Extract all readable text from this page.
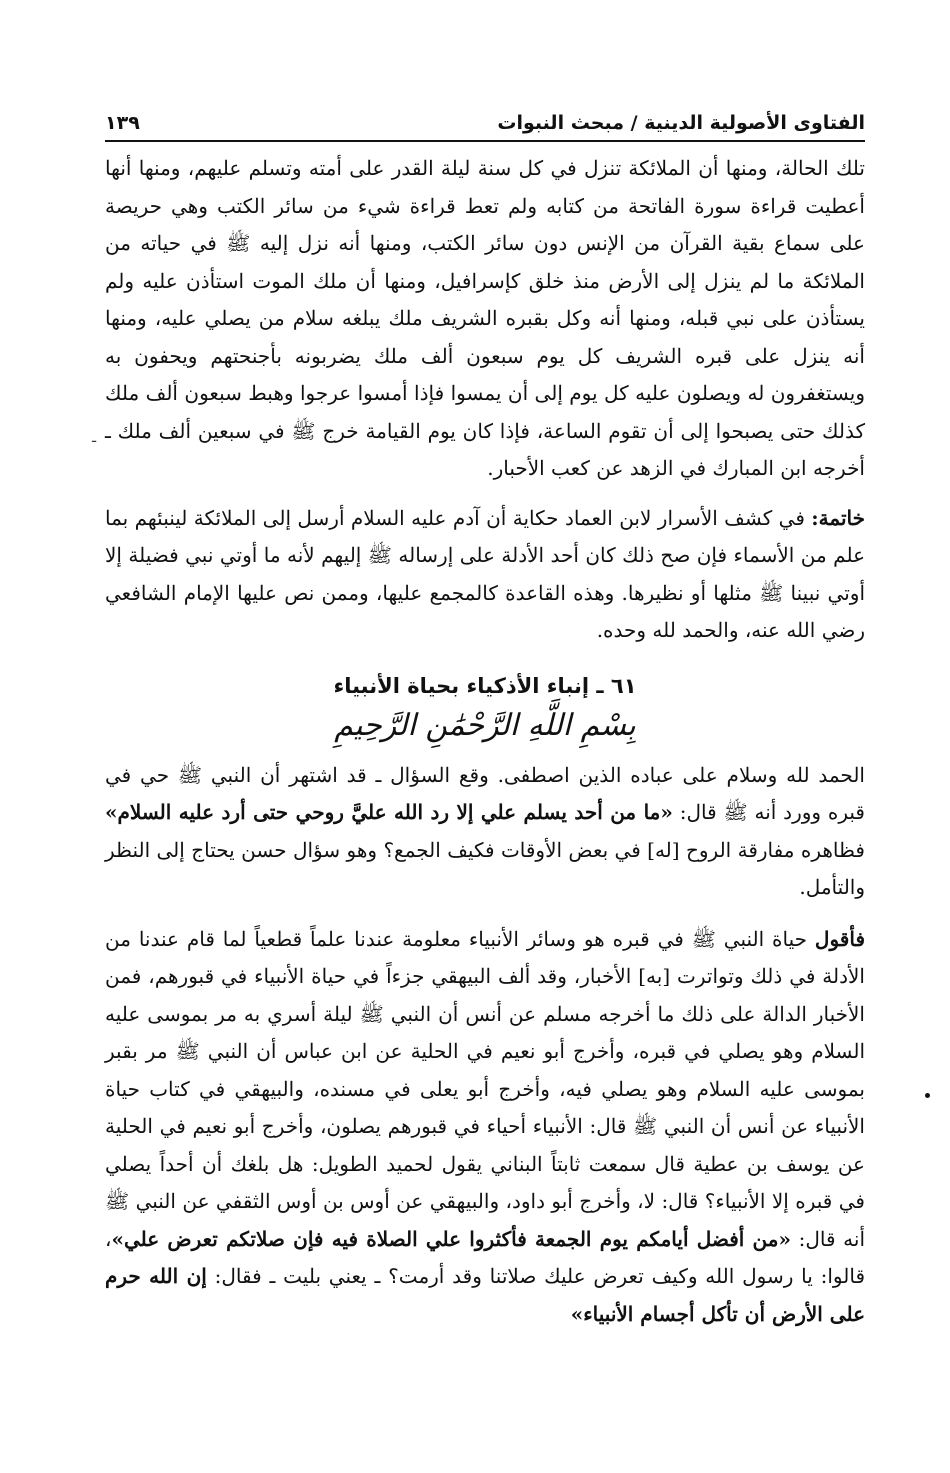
الفتاوى الأصولية الدينية / مبحث النبوات
١٣٩

تلك الحالة، ومنها أن الملائكة تنزل في كل سنة ليلة القدر على أمته وتسلم عليهم، ومنها أنها أعطيت قراءة سورة الفاتحة من كتابه ولم تعط قراءة شيء من سائر الكتب وهي حريصة على سماع بقية القرآن من الإنس دون سائر الكتب، ومنها أنه نزل إليه ﷺ في حياته من الملائكة ما لم ينزل إلى الأرض منذ خلق كإسرافيل، ومنها أن ملك الموت استأذن عليه ولم يستأذن على نبي قبله، ومنها أنه وكل بقبره الشريف ملك يبلغه سلام من يصلي عليه، ومنها أنه ينزل على قبره الشريف كل يوم سبعون ألف ملك يضربونه بأجنحتهم ويحفون به ويستغفرون له ويصلون عليه كل يوم إلى أن يمسوا فإذا أمسوا عرجوا وهبط سبعون ألف ملك كذلك حتى يصبحوا إلى أن تقوم الساعة، فإذا كان يوم القيامة خرج ﷺ في سبعين ألف ملك ـ أخرجه ابن المبارك في الزهد عن كعب الأحبار.

خاتمة: في كشف الأسرار لابن العماد حكاية أن آدم عليه السلام أرسل إلى الملائكة لينبئهم بما علم من الأسماء فإن صح ذلك كان أحد الأدلة على إرساله ﷺ إليهم لأنه ما أوتي نبي فضيلة إلا أوتي نبينا ﷺ مثلها أو نظيرها. وهذه القاعدة كالمجمع عليها، وممن نص عليها الإمام الشافعي رضي الله عنه، والحمد لله وحده.

٦١ ـ إنباء الأذكياء بحياة الأنبياء
بِسْمِ اللَّهِ الرَّحْمَٰنِ الرَّحِيمِ

الحمد لله وسلام على عباده الذين اصطفى. وقع السؤال ـ قد اشتهر أن النبي ﷺ حي في قبره وورد أنه ﷺ قال: «ما من أحد يسلم علي إلا رد الله عليَّ روحي حتى أرد عليه السلام» فظاهره مفارقة الروح [له] في بعض الأوقات فكيف الجمع؟ وهو سؤال حسن يحتاج إلى النظر والتأمل.

فأقول حياة النبي ﷺ في قبره هو وسائر الأنبياء معلومة عندنا علماً قطعياً لما قام عندنا من الأدلة في ذلك وتواترت [به] الأخبار، وقد ألف البيهقي جزءاً في حياة الأنبياء في قبورهم، فمن الأخبار الدالة على ذلك ما أخرجه مسلم عن أنس أن النبي ﷺ ليلة أسري به مر بموسى عليه السلام وهو يصلي في قبره، وأخرج أبو نعيم في الحلية عن ابن عباس أن النبي ﷺ مر بقبر بموسى عليه السلام وهو يصلي فيه، وأخرج أبو يعلى في مسنده، والبيهقي في كتاب حياة الأنبياء عن أنس أن النبي ﷺ قال: الأنبياء أحياء في قبورهم يصلون، وأخرج أبو نعيم في الحلية عن يوسف بن عطية قال سمعت ثابتاً البناني يقول لحميد الطويل: هل بلغك أن أحداً يصلي في قبره إلا الأنبياء؟ قال: لا، وأخرج أبو داود، والبيهقي عن أوس بن أوس الثقفي عن النبي ﷺ أنه قال: «من أفضل أيامكم يوم الجمعة فأكثروا علي الصلاة فيه فإن صلاتكم تعرض علي»، قالوا: يا رسول الله وكيف تعرض عليك صلاتنا وقد أرمت؟ ـ يعني بليت ـ فقال: إن الله حرم على الأرض أن تأكل أجسام الأنبياء»

ـ
